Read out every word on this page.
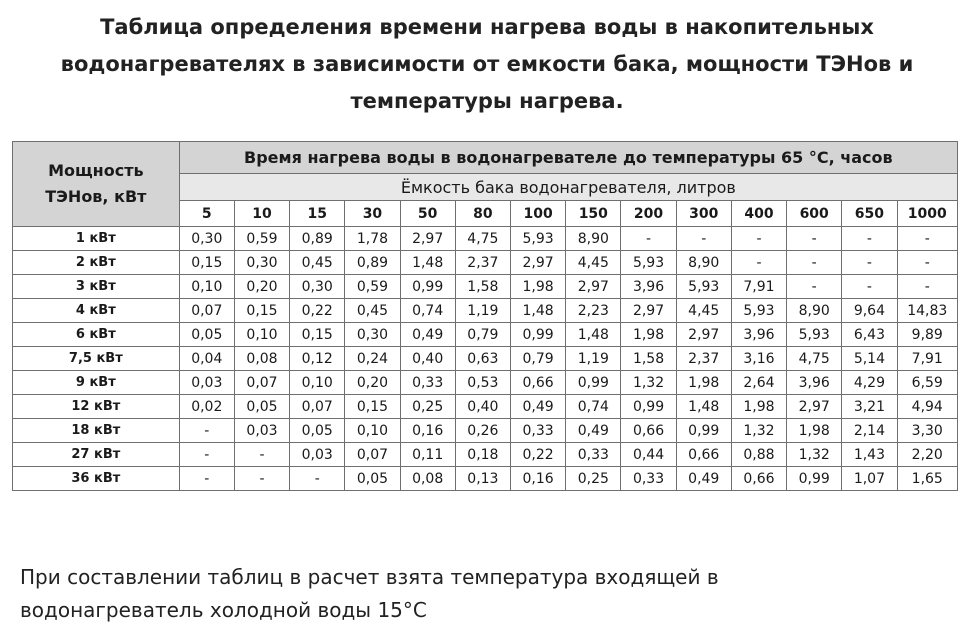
Таблица определения времени нагрева воды в накопительных
водонагревателях в зависимости от емкости бака, мощности ТЭНов и
температуры нагрева.
Мощность
ТЭНов, кВт	Время нагрева воды в водонагревателе до температуры 65 °С, часов													
	Ёмкость бака водонагревателя, литров													
	5	10	15	30	50	80	100	150	200	300	400	600	650	1000
1 кВт	0,30	0,59	0,89	1,78	2,97	4,75	5,93	8,90	-	-	-	-	-	-
2 кВт	0,15	0,30	0,45	0,89	1,48	2,37	2,97	4,45	5,93	8,90	-	-	-	-
3 кВт	0,10	0,20	0,30	0,59	0,99	1,58	1,98	2,97	3,96	5,93	7,91	-	-	-
4 кВт	0,07	0,15	0,22	0,45	0,74	1,19	1,48	2,23	2,97	4,45	5,93	8,90	9,64	14,83
6 кВт	0,05	0,10	0,15	0,30	0,49	0,79	0,99	1,48	1,98	2,97	3,96	5,93	6,43	9,89
7,5 кВт	0,04	0,08	0,12	0,24	0,40	0,63	0,79	1,19	1,58	2,37	3,16	4,75	5,14	7,91
9 кВт	0,03	0,07	0,10	0,20	0,33	0,53	0,66	0,99	1,32	1,98	2,64	3,96	4,29	6,59
12 кВт	0,02	0,05	0,07	0,15	0,25	0,40	0,49	0,74	0,99	1,48	1,98	2,97	3,21	4,94
18 кВт	-	0,03	0,05	0,10	0,16	0,26	0,33	0,49	0,66	0,99	1,32	1,98	2,14	3,30
27 кВт	-	-	0,03	0,07	0,11	0,18	0,22	0,33	0,44	0,66	0,88	1,32	1,43	2,20
36 кВт	-	-	-	0,05	0,08	0,13	0,16	0,25	0,33	0,49	0,66	0,99	1,07	1,65
При составлении таблиц в расчет взята температура входящей в
водонагреватель холодной воды 15°С
